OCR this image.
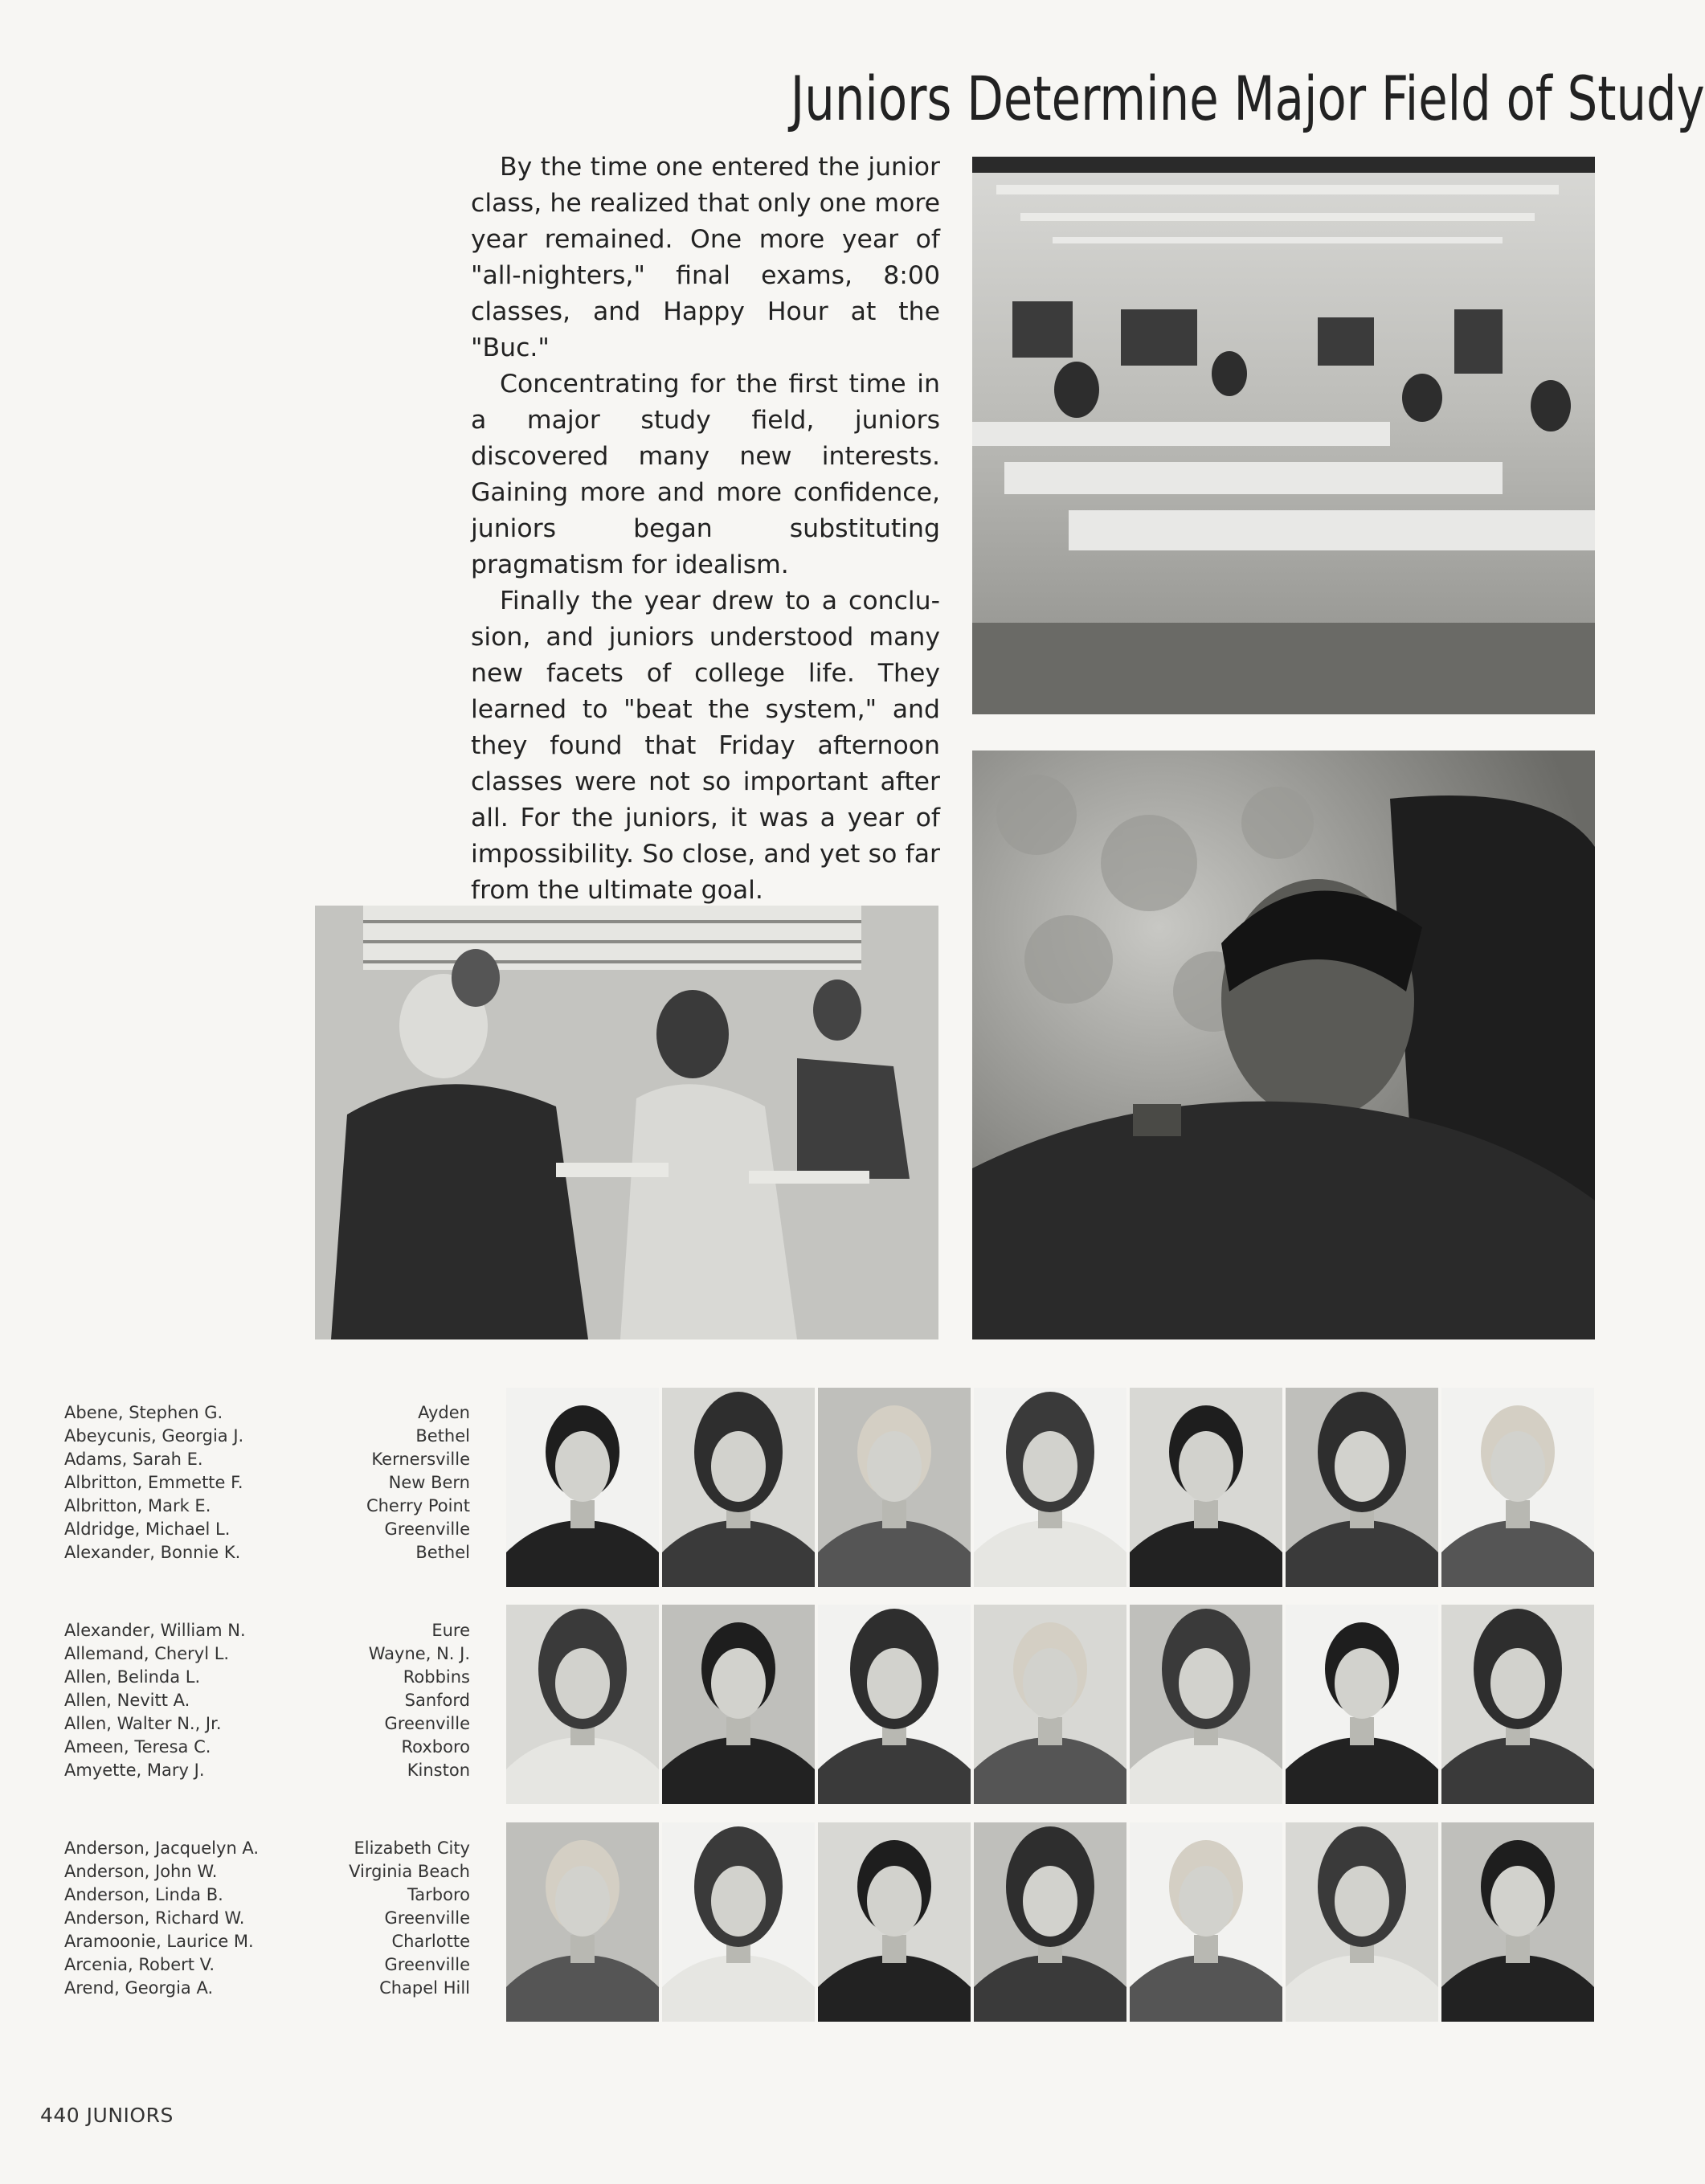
Juniors Determine Major Field of Study

By the time one entered the junior class, he realized that only one more year remained. One more year of "all-nighters," final exams, 8:00 classes, and Happy Hour at the "Buc."

Concentrating for the first time in a major study field, juniors discovered many new interests. Gaining more and more confidence, juniors began substituting pragmatism for idealism.

Finally the year drew to a conclu-sion, and juniors understood many new facets of college life. They learned to "beat the system," and they found that Friday afternoon classes were not so important after all. For the juniors, it was a year of impossibility. So close, and yet so far from the ultimate goal.

Abene, Stephen G.
Abeycunis, Georgia J.
Adams, Sarah E.
Albritton, Emmette F.
Albritton, Mark E.
Aldridge, Michael L.
Alexander, Bonnie K.
Ayden
Bethel
Kernersville
New Bern
Cherry Point
Greenville
Bethel
Alexander, William N.
Allemand, Cheryl L.
Allen, Belinda L.
Allen, Nevitt A.
Allen, Walter N., Jr.
Ameen, Teresa C.
Amyette, Mary J.
Eure
Wayne, N. J.
Robbins
Sanford
Greenville
Roxboro
Kinston
Anderson, Jacquelyn A.
Anderson, John W.
Anderson, Linda B.
Anderson, Richard W.
Aramoonie, Laurice M.
Arcenia, Robert V.
Arend, Georgia A.
Elizabeth City
Virginia Beach
Tarboro
Greenville
Charlotte
Greenville
Chapel Hill
440 JUNIORS
